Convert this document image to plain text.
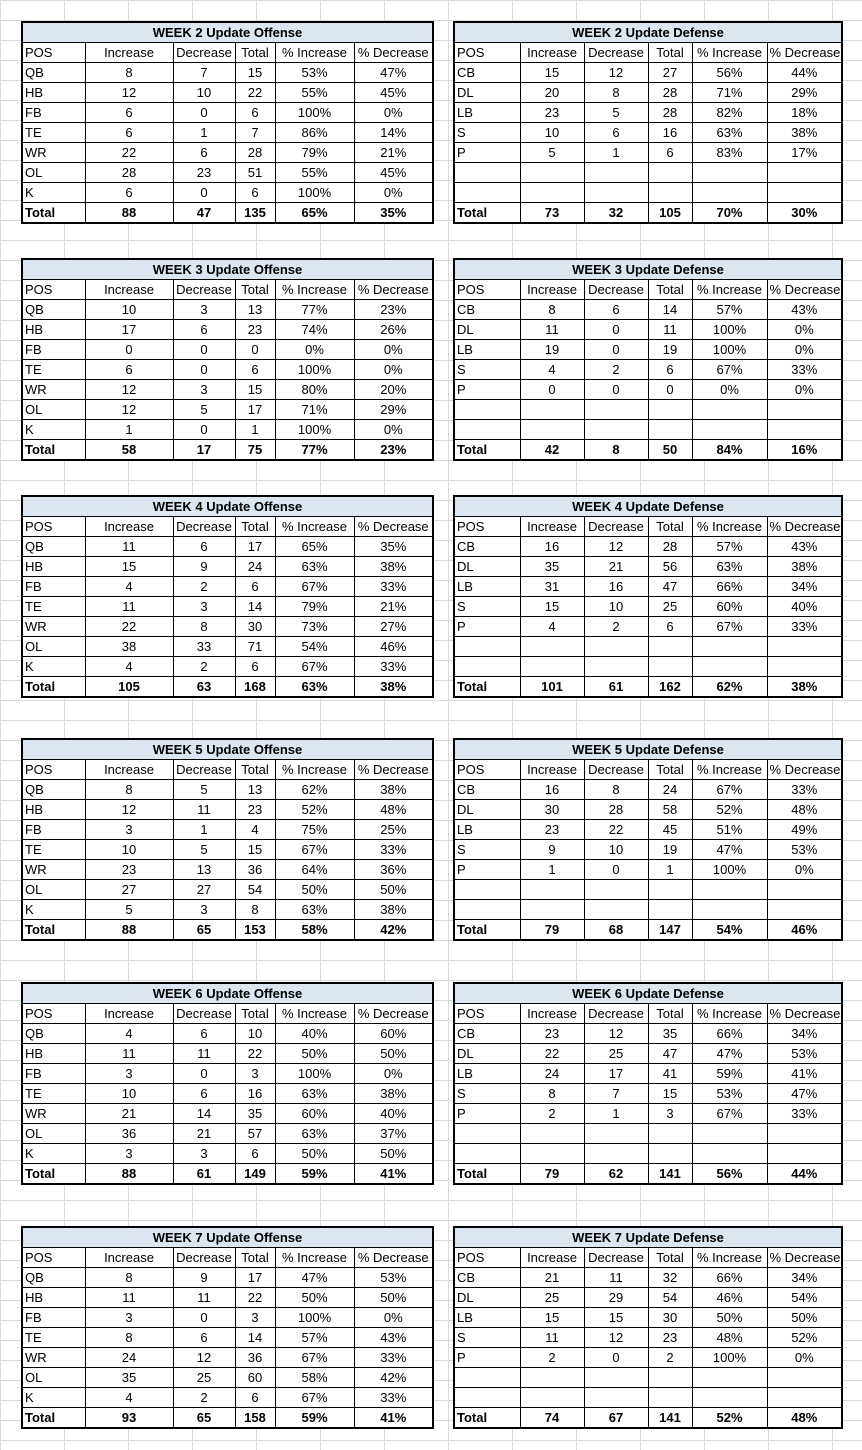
WEEK 2 Update Offense					
POS	Increase	Decrease	Total	% Increase	% Decrease
QB	8	7	15	53%	47%
HB	12	10	22	55%	45%
FB	6	0	6	100%	0%
TE	6	1	7	86%	14%
WR	22	6	28	79%	21%
OL	28	23	51	55%	45%
K	6	0	6	100%	0%
Total	88	47	135	65%	35%
WEEK 2 Update Defense					
POS	Increase	Decrease	Total	% Increase	% Decrease
CB	15	12	27	56%	44%
DL	20	8	28	71%	29%
LB	23	5	28	82%	18%
S	10	6	16	63%	38%
P	5	1	6	83%	17%

Total	73	32	105	70%	30%
WEEK 3 Update Offense					
POS	Increase	Decrease	Total	% Increase	% Decrease
QB	10	3	13	77%	23%
HB	17	6	23	74%	26%
FB	0	0	0	0%	0%
TE	6	0	6	100%	0%
WR	12	3	15	80%	20%
OL	12	5	17	71%	29%
K	1	0	1	100%	0%
Total	58	17	75	77%	23%
WEEK 3 Update Defense					
POS	Increase	Decrease	Total	% Increase	% Decrease
CB	8	6	14	57%	43%
DL	11	0	11	100%	0%
LB	19	0	19	100%	0%
S	4	2	6	67%	33%
P	0	0	0	0%	0%

Total	42	8	50	84%	16%
WEEK 4 Update Offense					
POS	Increase	Decrease	Total	% Increase	% Decrease
QB	11	6	17	65%	35%
HB	15	9	24	63%	38%
FB	4	2	6	67%	33%
TE	11	3	14	79%	21%
WR	22	8	30	73%	27%
OL	38	33	71	54%	46%
K	4	2	6	67%	33%
Total	105	63	168	63%	38%
WEEK 4 Update Defense					
POS	Increase	Decrease	Total	% Increase	% Decrease
CB	16	12	28	57%	43%
DL	35	21	56	63%	38%
LB	31	16	47	66%	34%
S	15	10	25	60%	40%
P	4	2	6	67%	33%

Total	101	61	162	62%	38%
WEEK 5 Update Offense					
POS	Increase	Decrease	Total	% Increase	% Decrease
QB	8	5	13	62%	38%
HB	12	11	23	52%	48%
FB	3	1	4	75%	25%
TE	10	5	15	67%	33%
WR	23	13	36	64%	36%
OL	27	27	54	50%	50%
K	5	3	8	63%	38%
Total	88	65	153	58%	42%
WEEK 5 Update Defense					
POS	Increase	Decrease	Total	% Increase	% Decrease
CB	16	8	24	67%	33%
DL	30	28	58	52%	48%
LB	23	22	45	51%	49%
S	9	10	19	47%	53%
P	1	0	1	100%	0%

Total	79	68	147	54%	46%
WEEK 6 Update Offense					
POS	Increase	Decrease	Total	% Increase	% Decrease
QB	4	6	10	40%	60%
HB	11	11	22	50%	50%
FB	3	0	3	100%	0%
TE	10	6	16	63%	38%
WR	21	14	35	60%	40%
OL	36	21	57	63%	37%
K	3	3	6	50%	50%
Total	88	61	149	59%	41%
WEEK 6 Update Defense					
POS	Increase	Decrease	Total	% Increase	% Decrease
CB	23	12	35	66%	34%
DL	22	25	47	47%	53%
LB	24	17	41	59%	41%
S	8	7	15	53%	47%
P	2	1	3	67%	33%

Total	79	62	141	56%	44%
WEEK 7 Update Offense					
POS	Increase	Decrease	Total	% Increase	% Decrease
QB	8	9	17	47%	53%
HB	11	11	22	50%	50%
FB	3	0	3	100%	0%
TE	8	6	14	57%	43%
WR	24	12	36	67%	33%
OL	35	25	60	58%	42%
K	4	2	6	67%	33%
Total	93	65	158	59%	41%
WEEK 7 Update Defense					
POS	Increase	Decrease	Total	% Increase	% Decrease
CB	21	11	32	66%	34%
DL	25	29	54	46%	54%
LB	15	15	30	50%	50%
S	11	12	23	48%	52%
P	2	0	2	100%	0%

Total	74	67	141	52%	48%
